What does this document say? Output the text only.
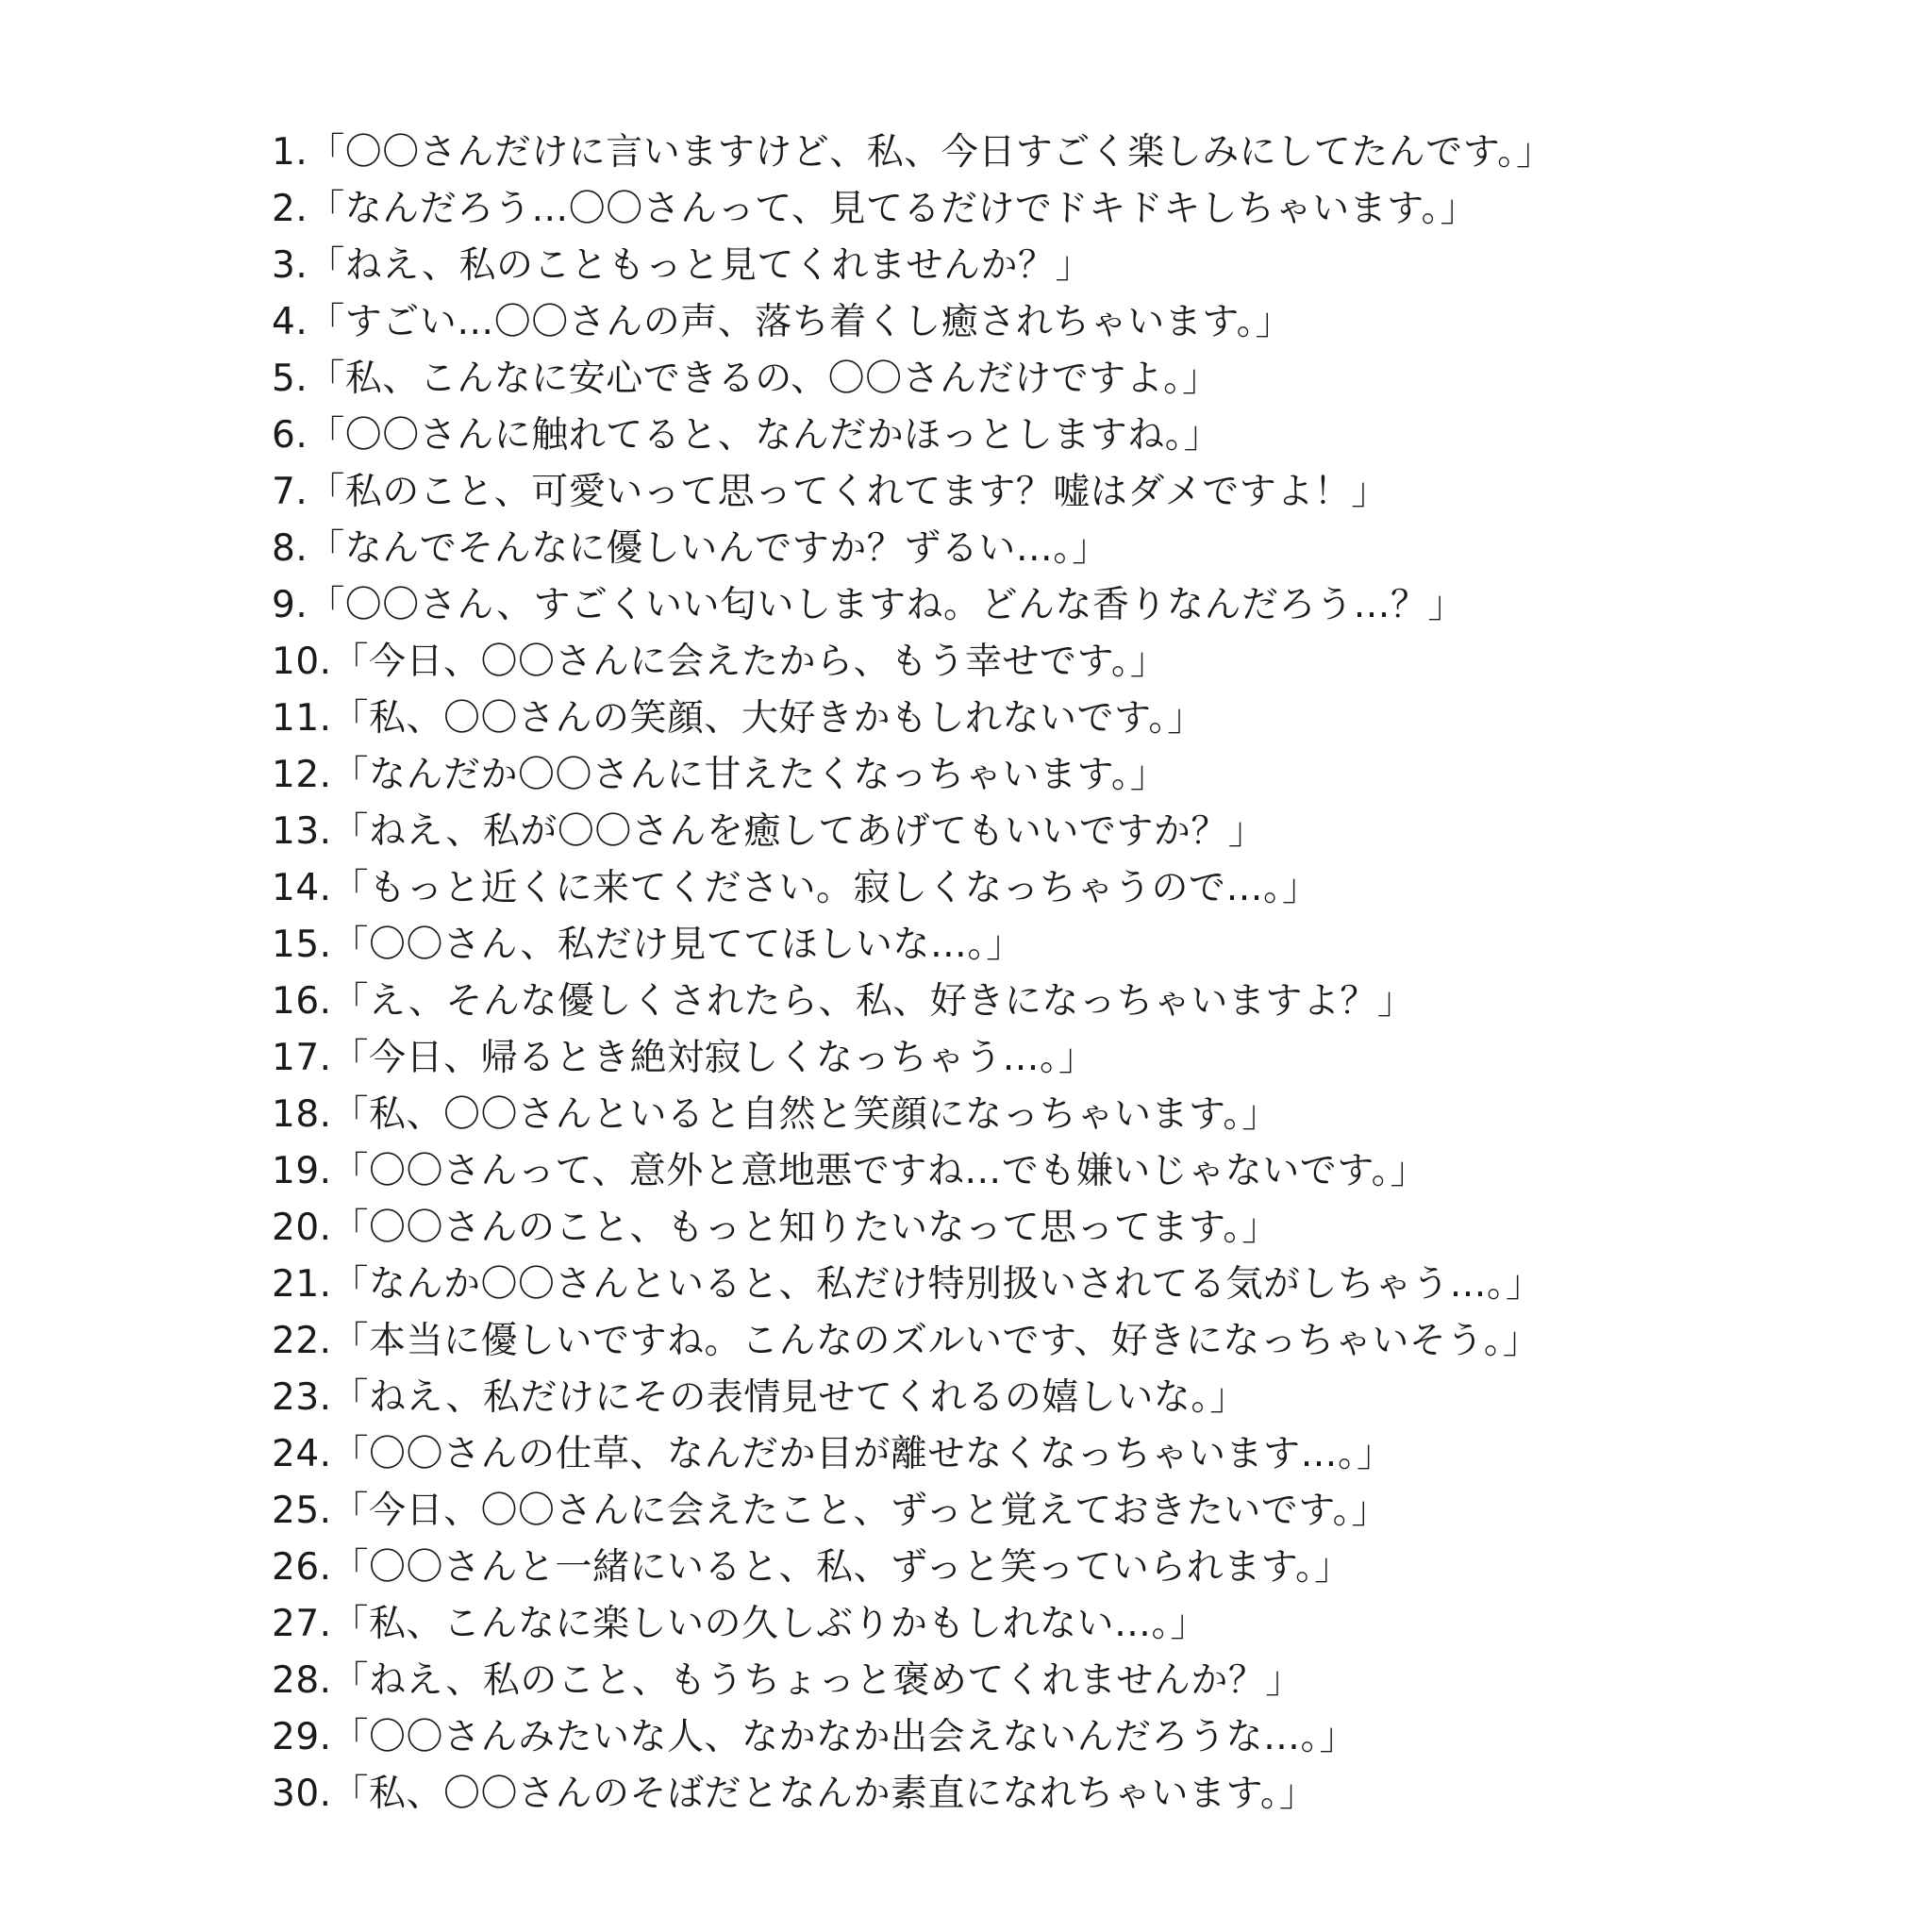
1.「〇〇さんだけに言いますけど、私、今日すごく楽しみにしてたんです。」
2.「なんだろう…〇〇さんって、見てるだけでドキドキしちゃいます。」
3.「ねえ、私のこともっと見てくれませんか？」
4.「すごい…〇〇さんの声、落ち着くし癒されちゃいます。」
5.「私、こんなに安心できるの、〇〇さんだけですよ。」
6.「〇〇さんに触れてると、なんだかほっとしますね。」
7.「私のこと、可愛いって思ってくれてます？嘘はダメですよ！」
8.「なんでそんなに優しいんですか？ずるい…。」
9.「〇〇さん、すごくいい匂いしますね。どんな香りなんだろう…？」
10.「今日、〇〇さんに会えたから、もう幸せです。」
11.「私、〇〇さんの笑顔、大好きかもしれないです。」
12.「なんだか〇〇さんに甘えたくなっちゃいます。」
13.「ねえ、私が〇〇さんを癒してあげてもいいですか？」
14.「もっと近くに来てください。寂しくなっちゃうので…。」
15.「〇〇さん、私だけ見ててほしいな…。」
16.「え、そんな優しくされたら、私、好きになっちゃいますよ？」
17.「今日、帰るとき絶対寂しくなっちゃう…。」
18.「私、〇〇さんといると自然と笑顔になっちゃいます。」
19.「〇〇さんって、意外と意地悪ですね…でも嫌いじゃないです。」
20.「〇〇さんのこと、もっと知りたいなって思ってます。」
21.「なんか〇〇さんといると、私だけ特別扱いされてる気がしちゃう…。」
22.「本当に優しいですね。こんなのズルいです、好きになっちゃいそう。」
23.「ねえ、私だけにその表情見せてくれるの嬉しいな。」
24.「〇〇さんの仕草、なんだか目が離せなくなっちゃいます…。」
25.「今日、〇〇さんに会えたこと、ずっと覚えておきたいです。」
26.「〇〇さんと一緒にいると、私、ずっと笑っていられます。」
27.「私、こんなに楽しいの久しぶりかもしれない…。」
28.「ねえ、私のこと、もうちょっと褒めてくれませんか？」
29.「〇〇さんみたいな人、なかなか出会えないんだろうな…。」
30.「私、〇〇さんのそばだとなんか素直になれちゃいます。」
